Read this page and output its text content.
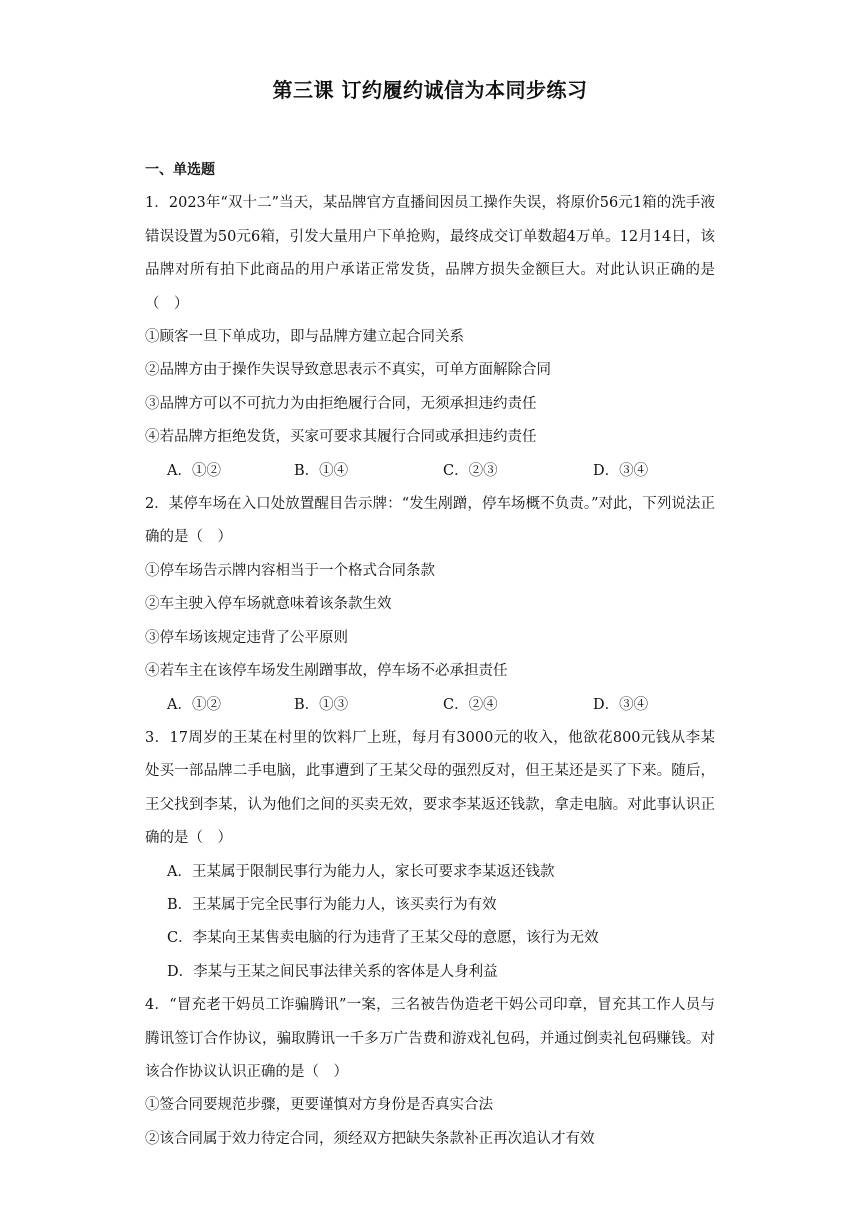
第三课 订约履约诚信为本同步练习
一、单选题
1．2023年“双十二”当天，某品牌官方直播间因员工操作失误，将原价56元1箱的洗手液错误设置为50元6箱，引发大量用户下单抢购，最终成交订单数超4万单。12月14日，该品牌对所有拍下此商品的用户承诺正常发货，品牌方损失金额巨大。对此认识正确的是（　）
①顾客一旦下单成功，即与品牌方建立起合同关系
②品牌方由于操作失误导致意思表示不真实，可单方面解除合同
③品牌方可以不可抗力为由拒绝履行合同，无须承担违约责任
④若品牌方拒绝发货，买家可要求其履行合同或承担违约责任
A．①②	B．①④	C．②③	D．③④
2．某停车场在入口处放置醒目告示牌：“发生剐蹭，停车场概不负责。”对此，下列说法正确的是（　）
①停车场告示牌内容相当于一个格式合同条款
②车主驶入停车场就意味着该条款生效
③停车场该规定违背了公平原则
④若车主在该停车场发生剐蹭事故，停车场不必承担责任
A．①②	B．①③	C．②④	D．③④
3．17周岁的王某在村里的饮料厂上班，每月有3000元的收入，他欲花800元钱从李某处买一部品牌二手电脑，此事遭到了王某父母的强烈反对，但王某还是买了下来。随后，王父找到李某，认为他们之间的买卖无效，要求李某返还钱款，拿走电脑。对此事认识正确的是（　）
A．王某属于限制民事行为能力人，家长可要求李某返还钱款
B．王某属于完全民事行为能力人，该买卖行为有效
C．李某向王某售卖电脑的行为违背了王某父母的意愿，该行为无效
D．李某与王某之间民事法律关系的客体是人身利益
4．“冒充老干妈员工诈骗腾讯”一案，三名被告伪造老干妈公司印章，冒充其工作人员与腾讯签订合作协议，骗取腾讯一千多万广告费和游戏礼包码，并通过倒卖礼包码赚钱。对该合作协议认识正确的是（　）
①签合同要规范步骤，更要谨慎对方身份是否真实合法
②该合同属于效力待定合同，须经双方把缺失条款补正再次追认才有效
